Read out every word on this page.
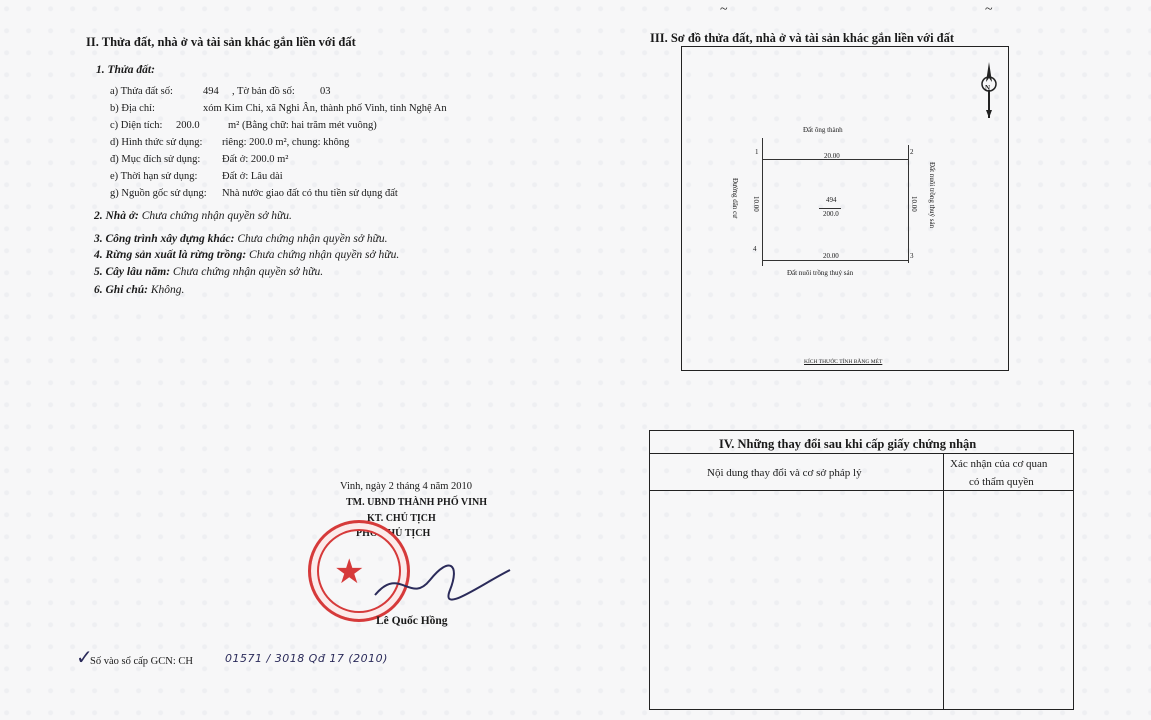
~	~
II. Thửa đất, nhà ở và tài sản khác gắn liền với đất
1. Thửa đất:
a) Thửa đất số:	494 , Tờ bản đồ số: 03
b) Địa chỉ:	xóm Kim Chi, xã Nghi Ân, thành phố Vinh, tỉnh Nghệ An
c) Diện tích: 200.0	m² (Bằng chữ: hai trăm mét vuông)
d) Hình thức sử dụng: riêng: 200.0 m², chung: không
đ) Mục đích sử dụng: Đất ở: 200.0 m²
e) Thời hạn sử dụng: Đất ở: Lâu dài
g) Nguồn gốc sử dụng: Nhà nước giao đất có thu tiền sử dụng đất
2. Nhà ở: Chưa chứng nhận quyền sở hữu.
3. Công trình xây dựng khác: Chưa chứng nhận quyền sở hữu.
4. Rừng sản xuất là rừng trồng: Chưa chứng nhận quyền sở hữu.
5. Cây lâu năm: Chưa chứng nhận quyền sở hữu.
6. Ghi chú: Không.
III. Sơ đồ thửa đất, nhà ở và tài sản khác gắn liền với đất
N
Đất ông thành
20.00
1	2
3
4
494
200.0
20.00
Đất nuôi trồng thuỷ sản
Đường dân cư 10.00	10.00 Đất nuôi trồng thuỷ sản
KÍCH THƯỚC TÍNH BẰNG MÉT
IV. Những thay đổi sau khi cấp giấy chứng nhận
Nội dung thay đổi và cơ sở pháp lý
Xác nhận của cơ quan
có thẩm quyền
Vinh, ngày 2 tháng 4 năm 2010
TM. UBND THÀNH PHỐ VINH
KT. CHỦ TỊCH
PHÓ CHỦ TỊCH
★
Lê Quốc Hồng
Số vào sổ cấp GCN: CH	01571 / 3018 Qđ 17 (2010)
✓
